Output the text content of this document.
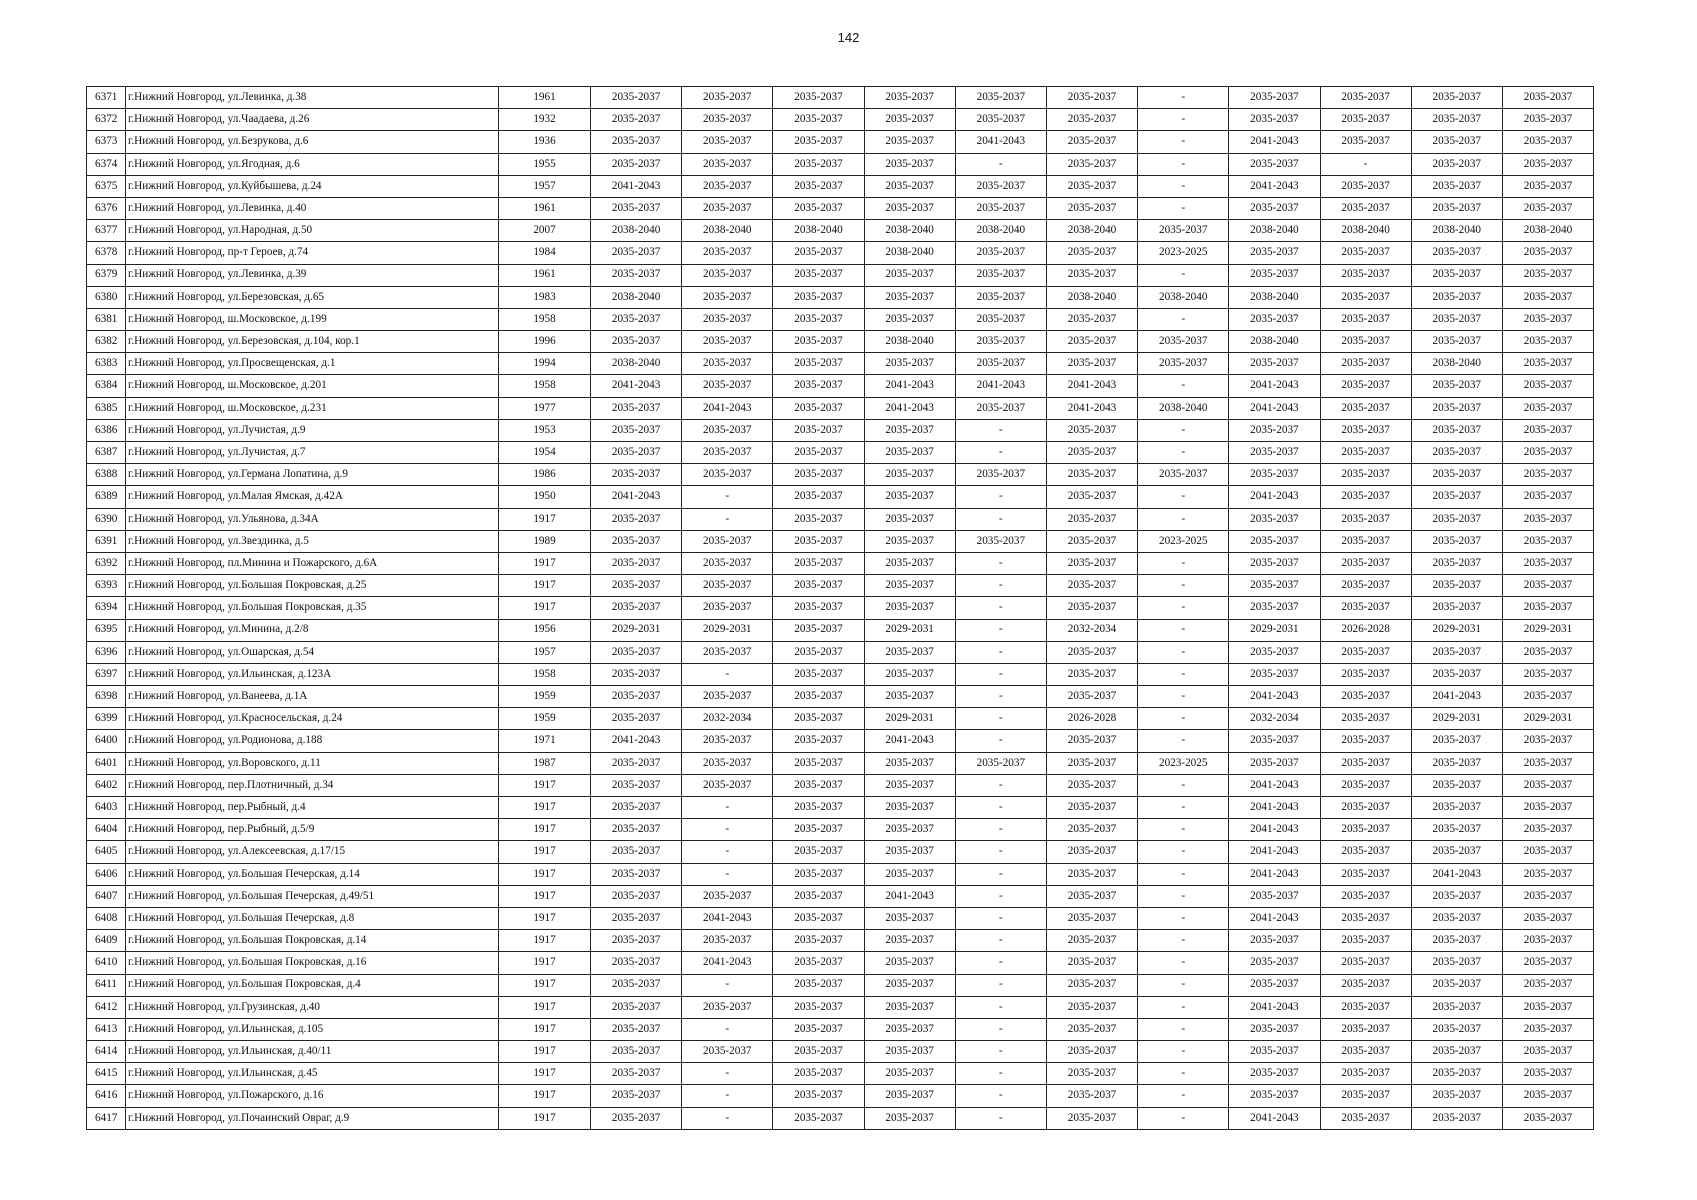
142
6371	г.Нижний Новгород, ул.Левинка, д.38	1961	2035-2037	2035-2037	2035-2037	2035-2037	2035-2037	2035-2037	-	2035-2037	2035-2037	2035-2037	2035-2037
6372	г.Нижний Новгород, ул.Чаадаева, д.26	1932	2035-2037	2035-2037	2035-2037	2035-2037	2035-2037	2035-2037	-	2035-2037	2035-2037	2035-2037	2035-2037
6373	г.Нижний Новгород, ул.Безрукова, д.6	1936	2035-2037	2035-2037	2035-2037	2035-2037	2041-2043	2035-2037	-	2041-2043	2035-2037	2035-2037	2035-2037
6374	г.Нижний Новгород, ул.Ягодная, д.6	1955	2035-2037	2035-2037	2035-2037	2035-2037	-	2035-2037	-	2035-2037	-	2035-2037	2035-2037
6375	г.Нижний Новгород, ул.Куйбышева, д.24	1957	2041-2043	2035-2037	2035-2037	2035-2037	2035-2037	2035-2037	-	2041-2043	2035-2037	2035-2037	2035-2037
6376	г.Нижний Новгород, ул.Левинка, д.40	1961	2035-2037	2035-2037	2035-2037	2035-2037	2035-2037	2035-2037	-	2035-2037	2035-2037	2035-2037	2035-2037
6377	г.Нижний Новгород, ул.Народная, д.50	2007	2038-2040	2038-2040	2038-2040	2038-2040	2038-2040	2038-2040	2035-2037	2038-2040	2038-2040	2038-2040	2038-2040
6378	г.Нижний Новгород, пр-т Героев, д.74	1984	2035-2037	2035-2037	2035-2037	2038-2040	2035-2037	2035-2037	2023-2025	2035-2037	2035-2037	2035-2037	2035-2037
6379	г.Нижний Новгород, ул.Левинка, д.39	1961	2035-2037	2035-2037	2035-2037	2035-2037	2035-2037	2035-2037	-	2035-2037	2035-2037	2035-2037	2035-2037
6380	г.Нижний Новгород, ул.Березовская, д.65	1983	2038-2040	2035-2037	2035-2037	2035-2037	2035-2037	2038-2040	2038-2040	2038-2040	2035-2037	2035-2037	2035-2037
6381	г.Нижний Новгород, ш.Московское, д.199	1958	2035-2037	2035-2037	2035-2037	2035-2037	2035-2037	2035-2037	-	2035-2037	2035-2037	2035-2037	2035-2037
6382	г.Нижний Новгород, ул.Березовская, д.104, кор.1	1996	2035-2037	2035-2037	2035-2037	2038-2040	2035-2037	2035-2037	2035-2037	2038-2040	2035-2037	2035-2037	2035-2037
6383	г.Нижний Новгород, ул.Просвещенская, д.1	1994	2038-2040	2035-2037	2035-2037	2035-2037	2035-2037	2035-2037	2035-2037	2035-2037	2035-2037	2038-2040	2035-2037
6384	г.Нижний Новгород, ш.Московское, д.201	1958	2041-2043	2035-2037	2035-2037	2041-2043	2041-2043	2041-2043	-	2041-2043	2035-2037	2035-2037	2035-2037
6385	г.Нижний Новгород, ш.Московское, д.231	1977	2035-2037	2041-2043	2035-2037	2041-2043	2035-2037	2041-2043	2038-2040	2041-2043	2035-2037	2035-2037	2035-2037
6386	г.Нижний Новгород, ул.Лучистая, д.9	1953	2035-2037	2035-2037	2035-2037	2035-2037	-	2035-2037	-	2035-2037	2035-2037	2035-2037	2035-2037
6387	г.Нижний Новгород, ул.Лучистая, д.7	1954	2035-2037	2035-2037	2035-2037	2035-2037	-	2035-2037	-	2035-2037	2035-2037	2035-2037	2035-2037
6388	г.Нижний Новгород, ул.Германа Лопатина, д.9	1986	2035-2037	2035-2037	2035-2037	2035-2037	2035-2037	2035-2037	2035-2037	2035-2037	2035-2037	2035-2037	2035-2037
6389	г.Нижний Новгород, ул.Малая Ямская, д.42А	1950	2041-2043	-	2035-2037	2035-2037	-	2035-2037	-	2041-2043	2035-2037	2035-2037	2035-2037
6390	г.Нижний Новгород, ул.Ульянова, д.34А	1917	2035-2037	-	2035-2037	2035-2037	-	2035-2037	-	2035-2037	2035-2037	2035-2037	2035-2037
6391	г.Нижний Новгород, ул.Звездинка, д.5	1989	2035-2037	2035-2037	2035-2037	2035-2037	2035-2037	2035-2037	2023-2025	2035-2037	2035-2037	2035-2037	2035-2037
6392	г.Нижний Новгород, пл.Минина и Пожарского, д.6А	1917	2035-2037	2035-2037	2035-2037	2035-2037	-	2035-2037	-	2035-2037	2035-2037	2035-2037	2035-2037
6393	г.Нижний Новгород, ул.Большая Покровская, д.25	1917	2035-2037	2035-2037	2035-2037	2035-2037	-	2035-2037	-	2035-2037	2035-2037	2035-2037	2035-2037
6394	г.Нижний Новгород, ул.Большая Покровская, д.35	1917	2035-2037	2035-2037	2035-2037	2035-2037	-	2035-2037	-	2035-2037	2035-2037	2035-2037	2035-2037
6395	г.Нижний Новгород, ул.Минина, д.2/8	1956	2029-2031	2029-2031	2035-2037	2029-2031	-	2032-2034	-	2029-2031	2026-2028	2029-2031	2029-2031
6396	г.Нижний Новгород, ул.Ошарская, д.54	1957	2035-2037	2035-2037	2035-2037	2035-2037	-	2035-2037	-	2035-2037	2035-2037	2035-2037	2035-2037
6397	г.Нижний Новгород, ул.Ильинская, д.123А	1958	2035-2037	-	2035-2037	2035-2037	-	2035-2037	-	2035-2037	2035-2037	2035-2037	2035-2037
6398	г.Нижний Новгород, ул.Ванеева, д.1А	1959	2035-2037	2035-2037	2035-2037	2035-2037	-	2035-2037	-	2041-2043	2035-2037	2041-2043	2035-2037
6399	г.Нижний Новгород, ул.Красносельская, д.24	1959	2035-2037	2032-2034	2035-2037	2029-2031	-	2026-2028	-	2032-2034	2035-2037	2029-2031	2029-2031
6400	г.Нижний Новгород, ул.Родионова, д.188	1971	2041-2043	2035-2037	2035-2037	2041-2043	-	2035-2037	-	2035-2037	2035-2037	2035-2037	2035-2037
6401	г.Нижний Новгород, ул.Воровского, д.11	1987	2035-2037	2035-2037	2035-2037	2035-2037	2035-2037	2035-2037	2023-2025	2035-2037	2035-2037	2035-2037	2035-2037
6402	г.Нижний Новгород, пер.Плотничный, д.34	1917	2035-2037	2035-2037	2035-2037	2035-2037	-	2035-2037	-	2041-2043	2035-2037	2035-2037	2035-2037
6403	г.Нижний Новгород, пер.Рыбный, д.4	1917	2035-2037	-	2035-2037	2035-2037	-	2035-2037	-	2041-2043	2035-2037	2035-2037	2035-2037
6404	г.Нижний Новгород, пер.Рыбный, д.5/9	1917	2035-2037	-	2035-2037	2035-2037	-	2035-2037	-	2041-2043	2035-2037	2035-2037	2035-2037
6405	г.Нижний Новгород, ул.Алексеевская, д.17/15	1917	2035-2037	-	2035-2037	2035-2037	-	2035-2037	-	2041-2043	2035-2037	2035-2037	2035-2037
6406	г.Нижний Новгород, ул.Большая Печерская, д.14	1917	2035-2037	-	2035-2037	2035-2037	-	2035-2037	-	2041-2043	2035-2037	2041-2043	2035-2037
6407	г.Нижний Новгород, ул.Большая Печерская, д.49/51	1917	2035-2037	2035-2037	2035-2037	2041-2043	-	2035-2037	-	2035-2037	2035-2037	2035-2037	2035-2037
6408	г.Нижний Новгород, ул.Большая Печерская, д.8	1917	2035-2037	2041-2043	2035-2037	2035-2037	-	2035-2037	-	2041-2043	2035-2037	2035-2037	2035-2037
6409	г.Нижний Новгород, ул.Большая Покровская, д.14	1917	2035-2037	2035-2037	2035-2037	2035-2037	-	2035-2037	-	2035-2037	2035-2037	2035-2037	2035-2037
6410	г.Нижний Новгород, ул.Большая Покровская, д.16	1917	2035-2037	2041-2043	2035-2037	2035-2037	-	2035-2037	-	2035-2037	2035-2037	2035-2037	2035-2037
6411	г.Нижний Новгород, ул.Большая Покровская, д.4	1917	2035-2037	-	2035-2037	2035-2037	-	2035-2037	-	2035-2037	2035-2037	2035-2037	2035-2037
6412	г.Нижний Новгород, ул.Грузинская, д.40	1917	2035-2037	2035-2037	2035-2037	2035-2037	-	2035-2037	-	2041-2043	2035-2037	2035-2037	2035-2037
6413	г.Нижний Новгород, ул.Ильинская, д.105	1917	2035-2037	-	2035-2037	2035-2037	-	2035-2037	-	2035-2037	2035-2037	2035-2037	2035-2037
6414	г.Нижний Новгород, ул.Ильинская, д.40/11	1917	2035-2037	2035-2037	2035-2037	2035-2037	-	2035-2037	-	2035-2037	2035-2037	2035-2037	2035-2037
6415	г.Нижний Новгород, ул.Ильинская, д.45	1917	2035-2037	-	2035-2037	2035-2037	-	2035-2037	-	2035-2037	2035-2037	2035-2037	2035-2037
6416	г.Нижний Новгород, ул.Пожарского, д.16	1917	2035-2037	-	2035-2037	2035-2037	-	2035-2037	-	2035-2037	2035-2037	2035-2037	2035-2037
6417	г.Нижний Новгород, ул.Почаинский Овраг, д.9	1917	2035-2037	-	2035-2037	2035-2037	-	2035-2037	-	2041-2043	2035-2037	2035-2037	2035-2037
